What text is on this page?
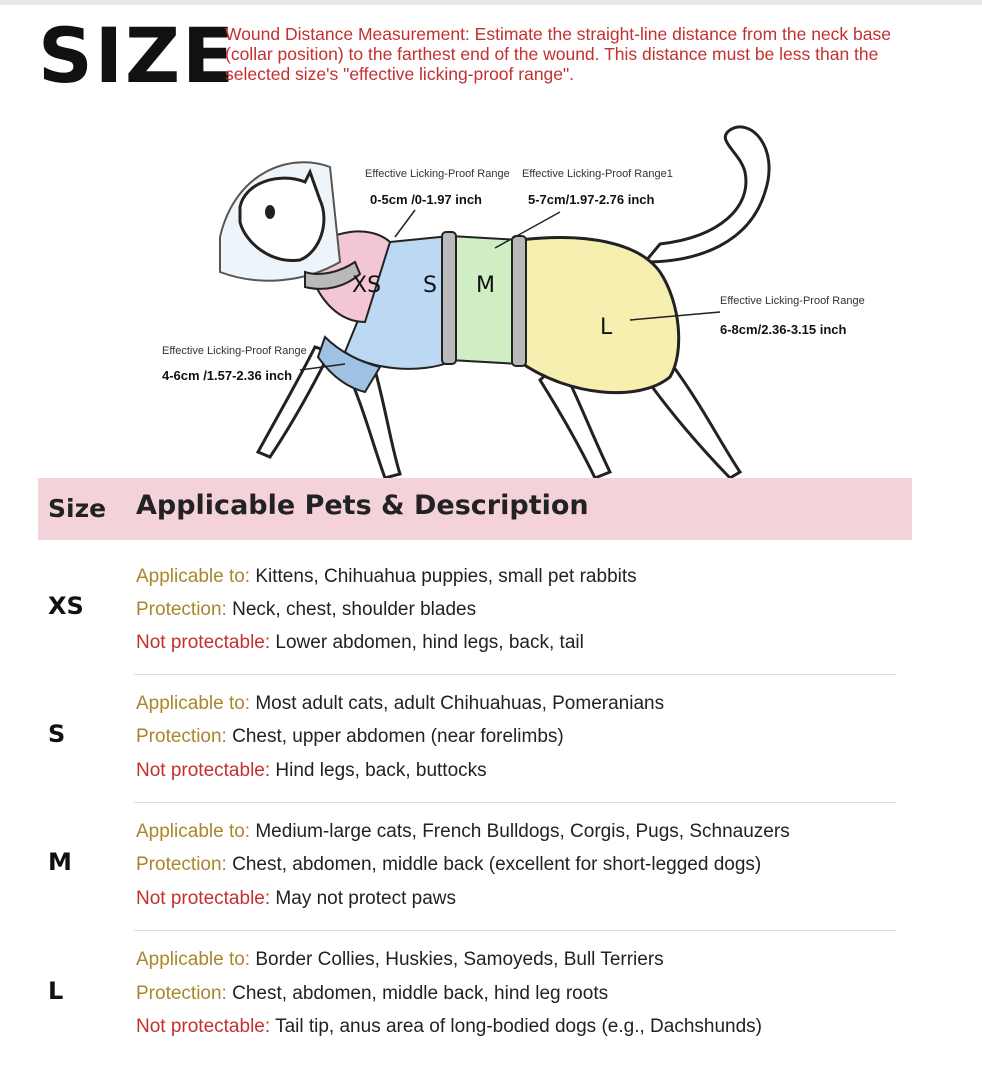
SIZE
Wound Distance Measurement: Estimate the straight-line distance from the neck base (collar position) to the farthest end of the wound. This distance must be less than the selected size's "effective licking-proof range".
XS S M
L
Effective Licking-Proof Range
0-5cm /0-1.97 inch
Effective Licking-Proof Range1
5-7cm/1.97-2.76 inch
Effective Licking-Proof Range
6-8cm/2.36-3.15 inch
Effective Licking-Proof Range
4-6cm /1.57-2.36 inch
Size Applicable Pets & Description
XS
Applicable to: Kittens, Chihuahua puppies, small pet rabbits
Protection: Neck, chest, shoulder blades
Not protectable: Lower abdomen, hind legs, back, tail
S
Applicable to: Most adult cats, adult Chihuahuas, Pomeranians
Protection: Chest, upper abdomen (near forelimbs)
Not protectable: Hind legs, back, buttocks
M
Applicable to: Medium-large cats, French Bulldogs, Corgis, Pugs, Schnauzers
Protection: Chest, abdomen, middle back (excellent for short-legged dogs)
Not protectable: May not protect paws
L
Applicable to: Border Collies, Huskies, Samoyeds, Bull Terriers
Protection: Chest, abdomen, middle back, hind leg roots
Not protectable: Tail tip, anus area of long-bodied dogs (e.g., Dachshunds)
